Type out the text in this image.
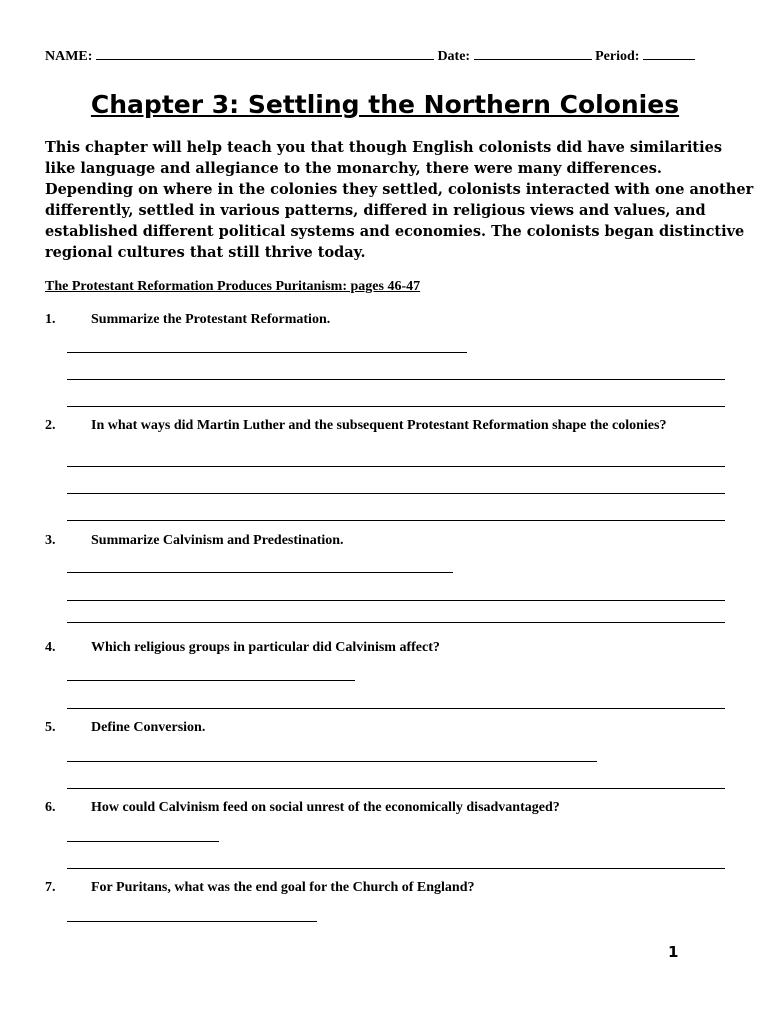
NAME:	Date:	Period:
Chapter 3: Settling the Northern Colonies
This chapter will help teach you that though English colonists did have similarities like language and allegiance to the monarchy, there were many differences. Depending on where in the colonies they settled, colonists interacted with one another differently, settled in various patterns, differed in religious views and values, and established different political systems and economies. The colonists began distinctive regional cultures that still thrive today.
The Protestant Reformation Produces Puritanism: pages 46-47
1.	Summarize the Protestant Reformation.
2.	In what ways did Martin Luther and the subsequent Protestant Reformation shape the colonies?
3.	Summarize Calvinism and Predestination.
4.	Which religious groups in particular did Calvinism affect?
5.	Define Conversion.
6.	How could Calvinism feed on social unrest of the economically disadvantaged?
7.	For Puritans, what was the end goal for the Church of England?
1
